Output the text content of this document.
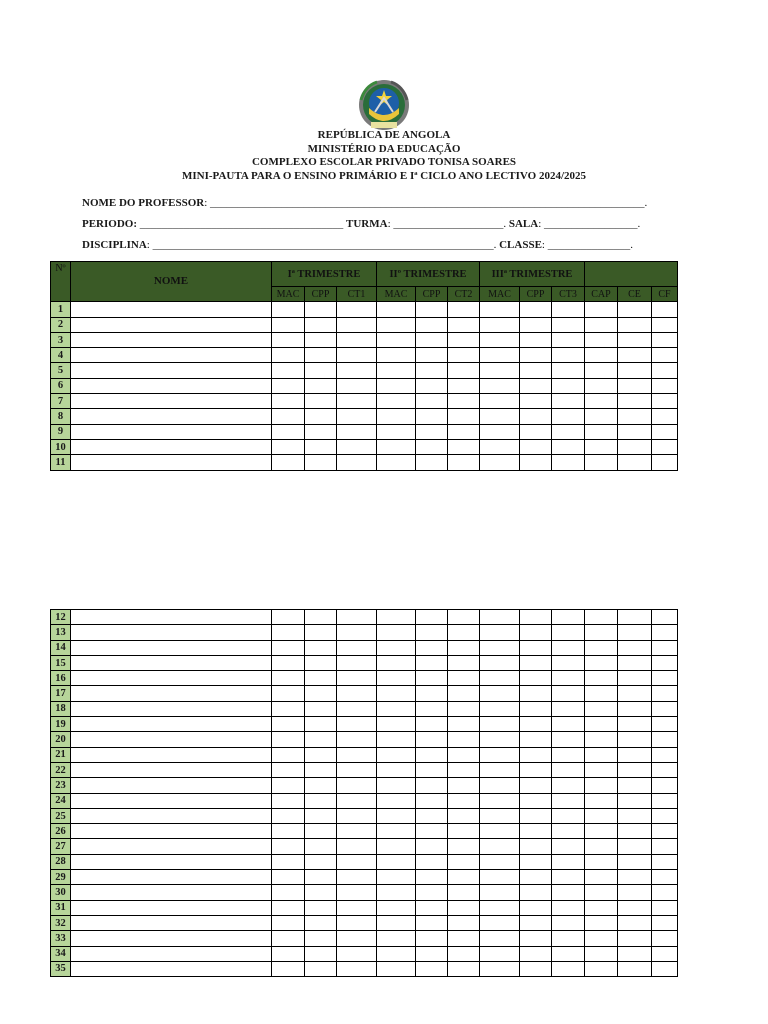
REPÚBLICA DE ANGOLA
MINISTÉRIO DA EDUCAÇÃO
COMPLEXO ESCOLAR PRIVADO TONISA SOARES
MINI-PAUTA PARA O ENSINO PRIMÁRIO E Iª CICLO ANO LECTIVO 2024/2025
NOME DO PROFESSOR: _______________________________________________________________________________.
PERIODO: _____________________________________ TURMA: ____________________. SALA: _________________.
DISCIPLINA: ______________________________________________________________. CLASSE: _______________.
Nº	NOME	Iª TRIMESTRE			IIº TRIMESTRE			IIIª TRIMESTRE					
		MAC	CPP	CT1	MAC	CPP	CT2	MAC	CPP	CT3	CAP	CE	CF
1													
2													
3													
4													
5													
6													
7													
8													
9													
10													
11													
12													
13													
14													
15													
16													
17													
18													
19													
20													
21													
22													
23													
24													
25													
26													
27													
28													
29													
30													
31													
32													
33													
34													
35													
